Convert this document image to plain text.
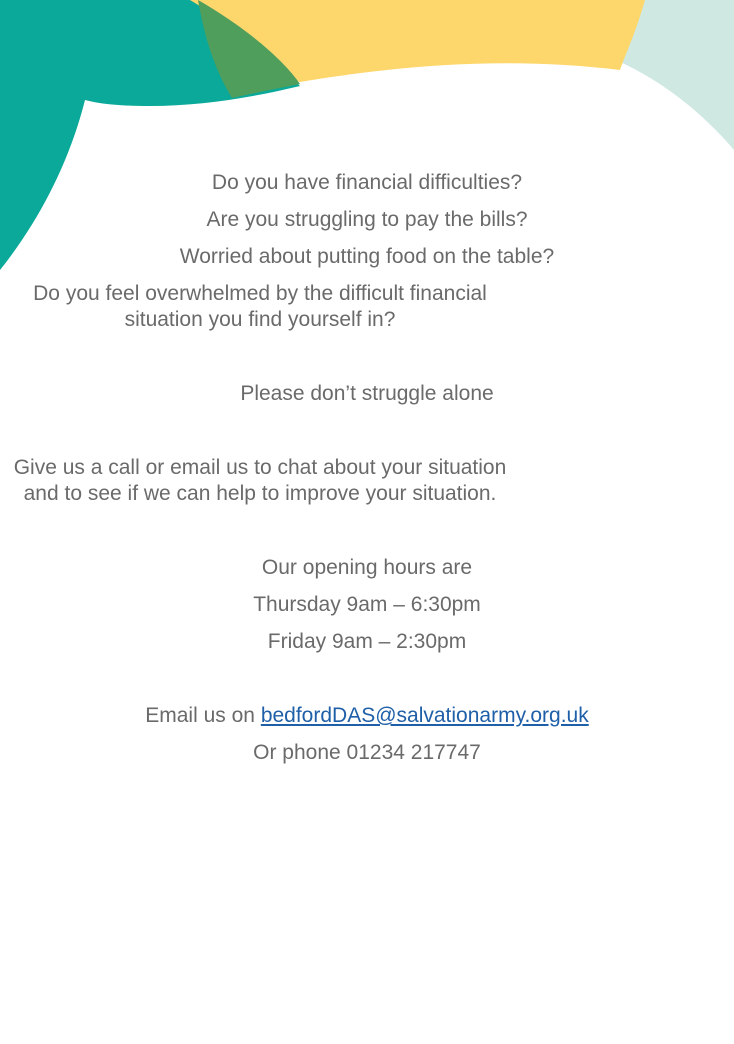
Do you have financial difficulties?

Are you struggling to pay the bills?

Worried about putting food on the table?

Do you feel overwhelmed by the difficult financial situation you find yourself in?

Please don’t struggle alone

Give us a call or email us to chat about your situation and to see if we can help to improve your situation.

Our opening hours are

Thursday 9am – 6:30pm

Friday 9am – 2:30pm

Email us on bedfordDAS@salvationarmy.org.uk

Or phone 01234 217747
